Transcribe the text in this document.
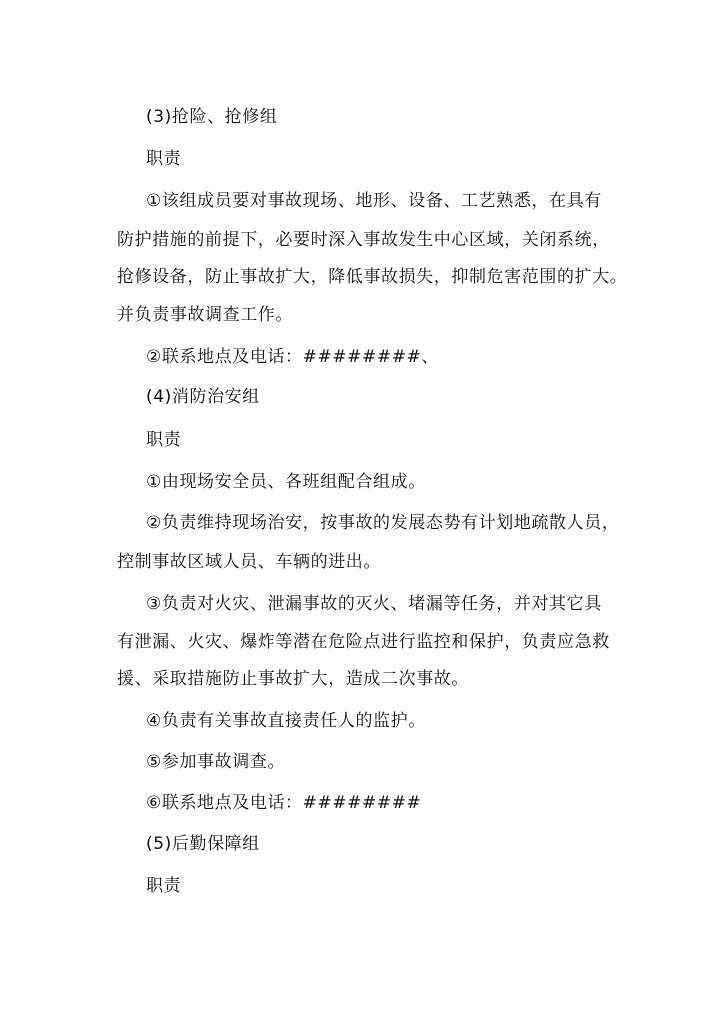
(3)抢险、抢修组
职责
①该组成员要对事故现场、地形、设备、工艺熟悉，在具有
防护措施的前提下，必要时深入事故发生中心区域，关闭系统，
抢修设备，防止事故扩大，降低事故损失，抑制危害范围的扩大。
并负责事故调查工作。
②联系地点及电话：########、
(4)消防治安组
职责
①由现场安全员、各班组配合组成。
②负责维持现场治安，按事故的发展态势有计划地疏散人员，
控制事故区域人员、车辆的进出。
③负责对火灾、泄漏事故的灭火、堵漏等任务，并对其它具
有泄漏、火灾、爆炸等潜在危险点进行监控和保护，负责应急救
援、采取措施防止事故扩大，造成二次事故。
④负责有关事故直接责任人的监护。
⑤参加事故调查。
⑥联系地点及电话：########
(5)后勤保障组
职责
